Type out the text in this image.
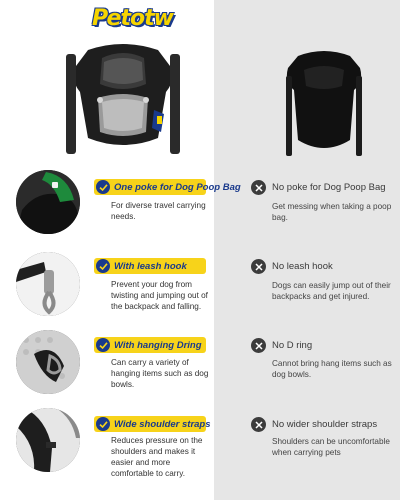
Petotw
One poke for Dog Poop Bag
For diverse travel carrying needs.
With leash hook
Prevent your dog from twisting and jumping out of the backpack and falling.
With hanging Dring
Can carry a variety of hanging items such as dog bowls.
Wide shoulder straps
Reduces pressure on the shoulders and makes it easier and more comfortable to carry.
No poke for Dog Poop Bag
Get messing when taking a poop bag.
No leash hook
Dogs can easily jump out of their backpacks and get injured.
No D ring
Cannot bring hang items such as dog bowls.
No wider shoulder straps
Shoulders can be uncomfortable when carrying pets
